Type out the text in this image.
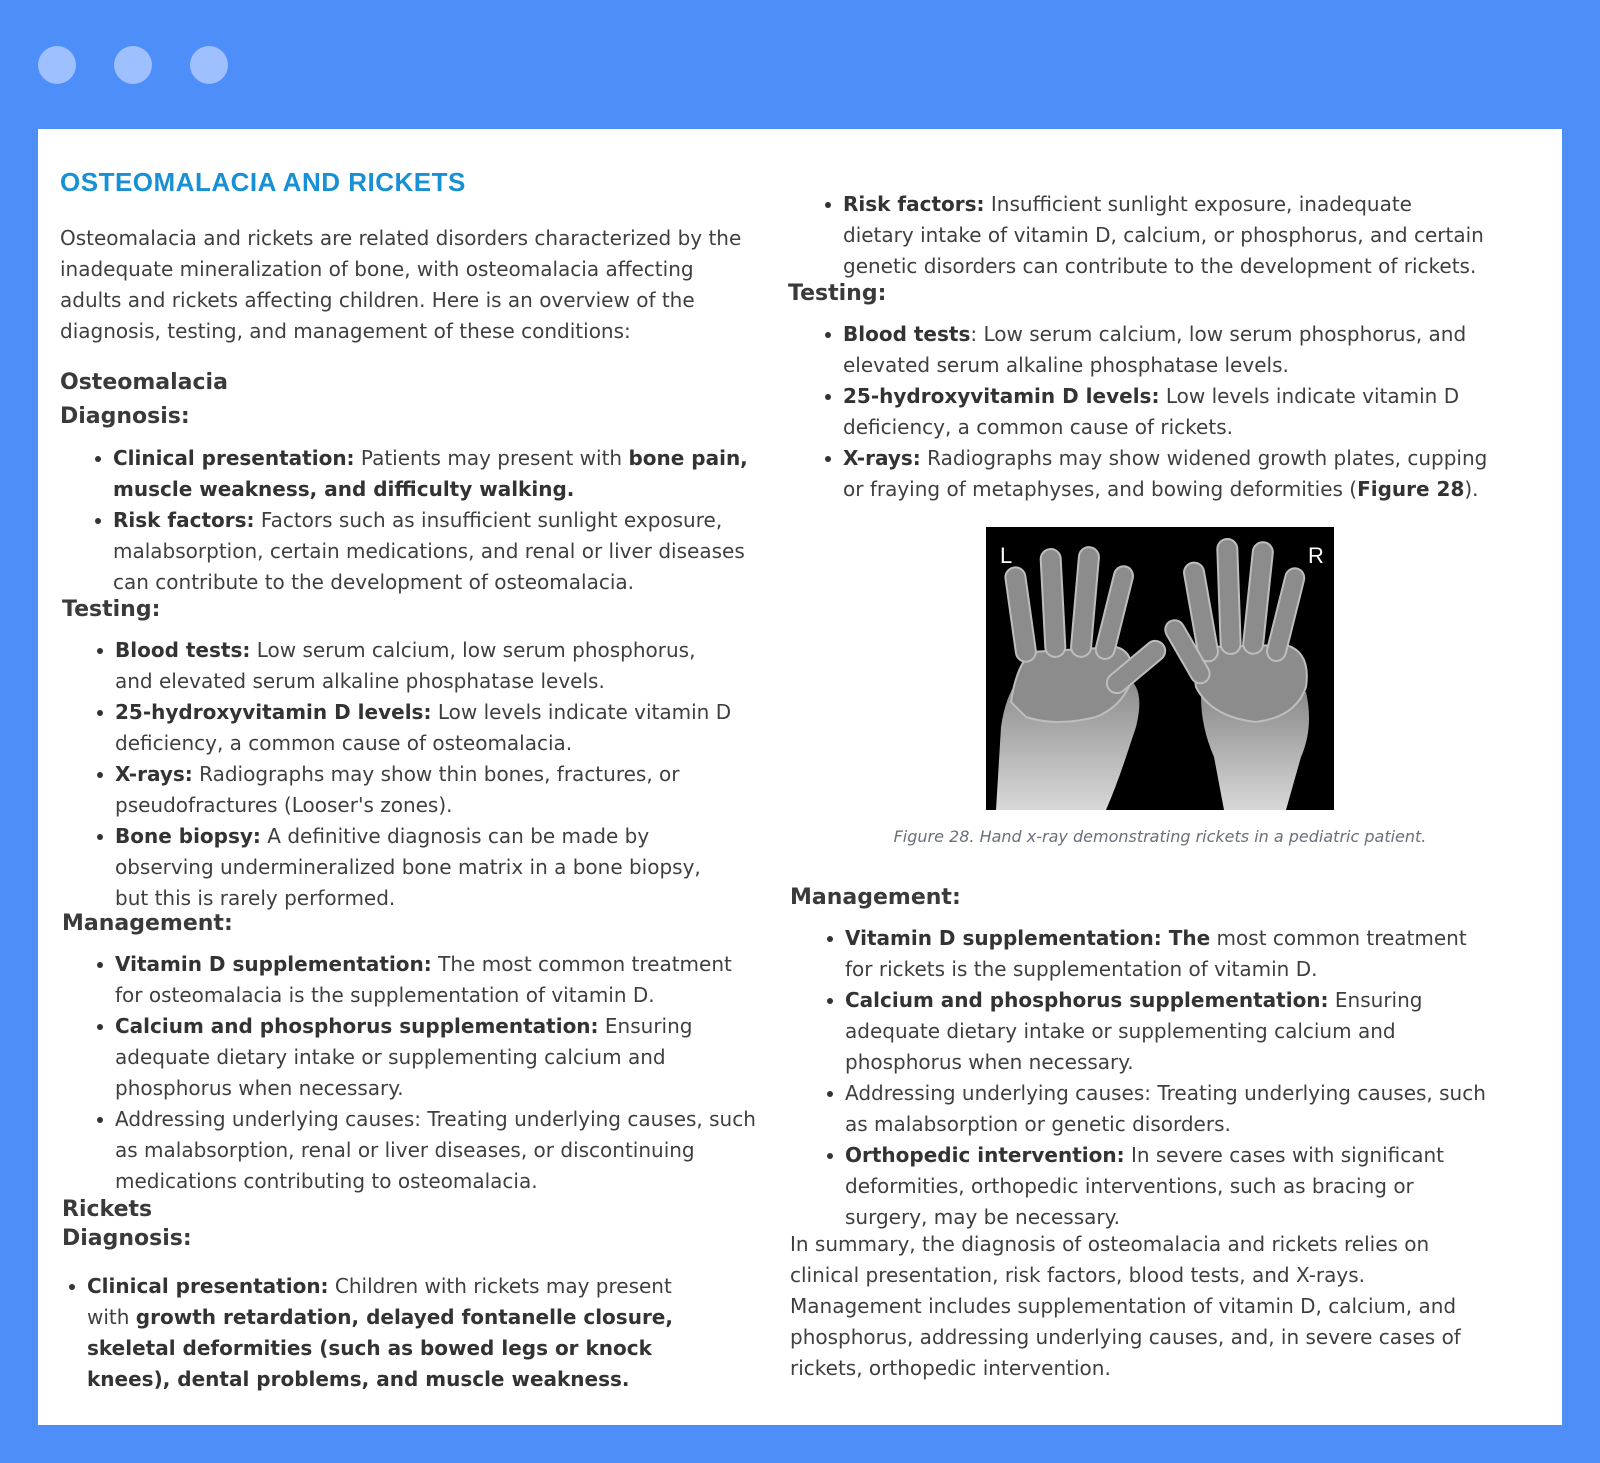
OSTEOMALACIA AND RICKETS
Osteomalacia and rickets are related disorders characterized by the inadequate mineralization of bone, with osteomalacia affecting adults and rickets affecting children. Here is an overview of the diagnosis, testing, and management of these conditions:
Osteomalacia
Diagnosis:
Clinical presentation: Patients may present with bone pain, muscle weakness, and difficulty walking.
Risk factors: Factors such as insufficient sunlight exposure, malabsorption, certain medications, and renal or liver diseases can contribute to the development of osteomalacia.
Testing:
Blood tests: Low serum calcium, low serum phosphorus, and elevated serum alkaline phosphatase levels.
25-hydroxyvitamin D levels: Low levels indicate vitamin D deficiency, a common cause of osteomalacia.
X-rays: Radiographs may show thin bones, fractures, or pseudofractures (Looser's zones).
Bone biopsy: A definitive diagnosis can be made by observing undermineralized bone matrix in a bone biopsy, but this is rarely performed.
Management:
Vitamin D supplementation: The most common treatment for osteomalacia is the supplementation of vitamin D.
Calcium and phosphorus supplementation: Ensuring adequate dietary intake or supplementing calcium and phosphorus when necessary.
Addressing underlying causes: Treating underlying causes, such as malabsorption, renal or liver diseases, or discontinuing medications contributing to osteomalacia.
Rickets
Diagnosis:
Clinical presentation: Children with rickets may present with growth retardation, delayed fontanelle closure, skeletal deformities (such as bowed legs or knock knees), dental problems, and muscle weakness.
Risk factors: Insufficient sunlight exposure, inadequate dietary intake of vitamin D, calcium, or phosphorus, and certain genetic disorders can contribute to the development of rickets.
Testing:
Blood tests: Low serum calcium, low serum phosphorus, and elevated serum alkaline phosphatase levels.
25-hydroxyvitamin D levels: Low levels indicate vitamin D deficiency, a common cause of rickets.
X-rays: Radiographs may show widened growth plates, cupping or fraying of metaphyses, and bowing deformities (Figure 28).
L	R
Figure 28. Hand x-ray demonstrating rickets in a pediatric patient.
Management:
Vitamin D supplementation: The most common treatment for rickets is the supplementation of vitamin D.
Calcium and phosphorus supplementation: Ensuring adequate dietary intake or supplementing calcium and phosphorus when necessary.
Addressing underlying causes: Treating underlying causes, such as malabsorption or genetic disorders.
Orthopedic intervention: In severe cases with significant deformities, orthopedic interventions, such as bracing or surgery, may be necessary.
In summary, the diagnosis of osteomalacia and rickets relies on clinical presentation, risk factors, blood tests, and X-rays. Management includes supplementation of vitamin D, calcium, and phosphorus, addressing underlying causes, and, in severe cases of rickets, orthopedic intervention.
